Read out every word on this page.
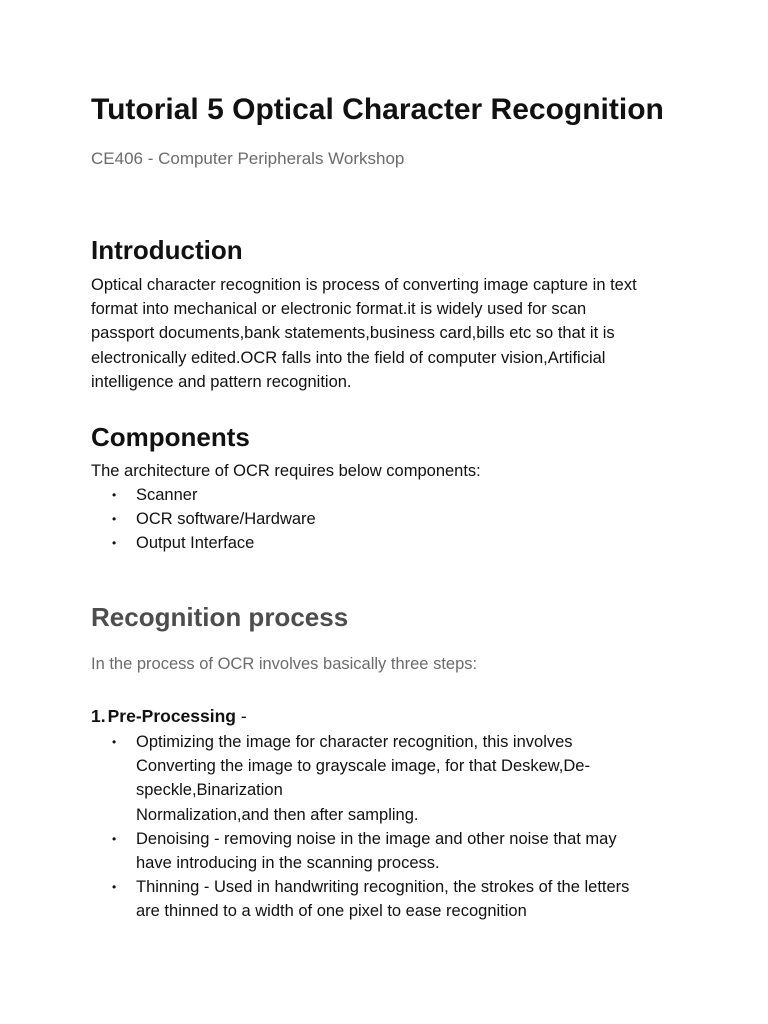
Tutorial 5 Optical Character Recognition

CE406 - Computer Peripherals Workshop

Introduction
Optical character recognition is process of converting image capture in text
format into mechanical or electronic format.it is widely used for scan
passport documents,bank statements,business card,bills etc so that it is
electronically edited.OCR falls into the field of computer vision,Artificial
intelligence and pattern recognition.
Components

The architecture of OCR requires below components:

• Scanner
• OCR software/Hardware
• Output Interface
Recognition process

In the process of OCR involves basically three steps:

1. Pre-Processing -

• Optimizing the image for character recognition, this involves
Converting the image to grayscale image, for that Deskew,De-
speckle,Binarization
Normalization,and then after sampling.
• Denoising - removing noise in the image and other noise that may
have introducing in the scanning process.
• Thinning - Used in handwriting recognition, the strokes of the letters
are thinned to a width of one pixel to ease recognition
